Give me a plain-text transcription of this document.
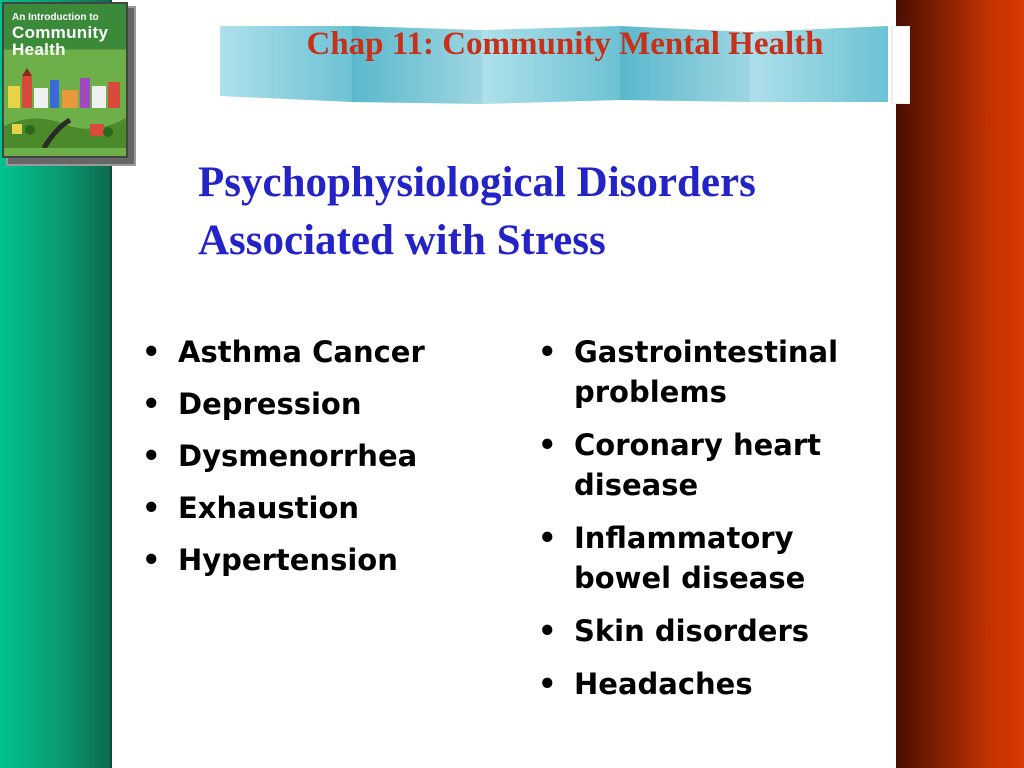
An Introduction to
Community Health	Chap 11: Community Mental Health
Psychophysiological Disorders
Associated with Stress
• Asthma Cancer
• Depression
• Dysmenorrhea
• Exhaustion
• Hypertension
• Gastrointestinal problems
• Coronary heart disease
• Inflammatory bowel disease
• Skin disorders
• Headaches
